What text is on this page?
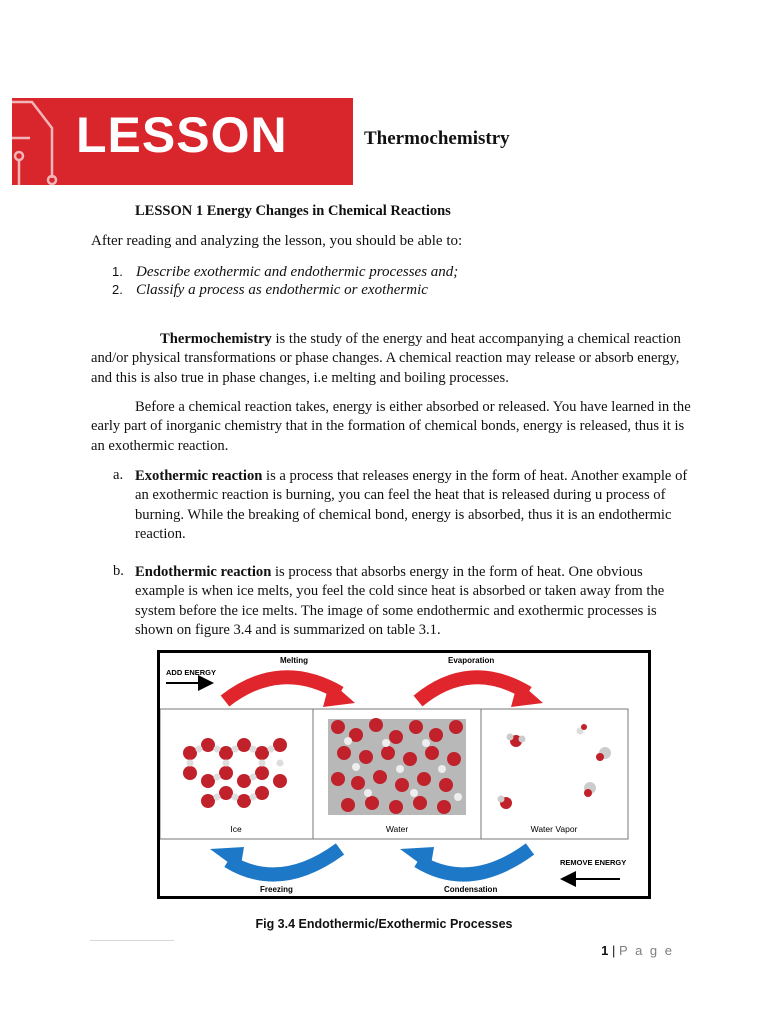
LESSON	Thermochemistry
LESSON 1 Energy Changes in Chemical Reactions
After reading and analyzing the lesson, you should be able to:
1. Describe exothermic and endothermic processes and;
2. Classify a process as endothermic or exothermic

Thermochemistry is the study of the energy and heat accompanying a chemical reaction and/or physical transformations or phase changes. A chemical reaction may release or absorb energy, and this is also true in phase changes, i.e melting and boiling processes.

Before a chemical reaction takes, energy is either absorbed or released. You have learned in the early part of inorganic chemistry that in the formation of chemical bonds, energy is released, thus it is an exothermic reaction.

a. Exothermic reaction is a process that releases energy in the form of heat. Another example of an exothermic reaction is burning, you can feel the heat that is released during u process of burning. While the breaking of chemical bond, energy is absorbed, thus it is an endothermic reaction.

b. Endothermic reaction is process that absorbs energy in the form of heat. One obvious example is when ice melts, you feel the cold since heat is absorbed or taken away from the system before the ice melts. The image of some endothermic and exothermic processes is shown on figure 3.4 and is summarized on table 3.1.

ADD ENERGY
Melting	Evaporation
Ice	Water	Water Vapor
REMOVE ENERGY
Freezing	Condensation
Fig 3.4 Endothermic/Exothermic Processes
1 | P a g e
